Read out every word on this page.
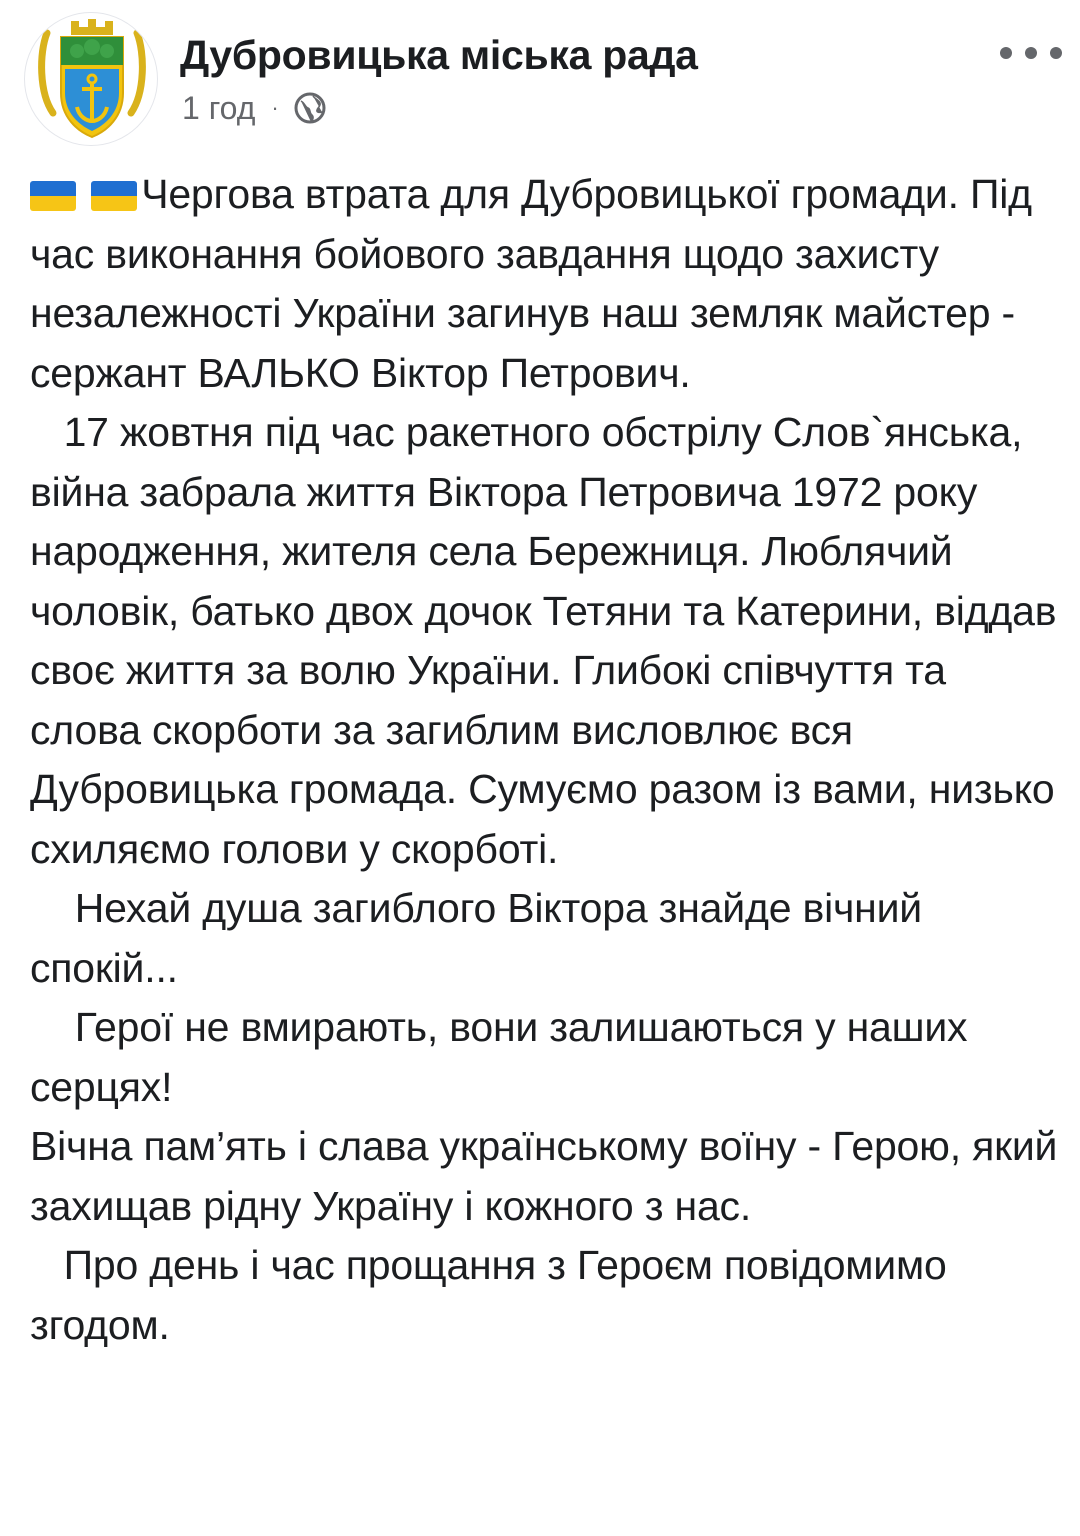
Дубровицька міська рада
1 год ·

Чергова втрата для Дубровицької громади. Під час виконання бойового завдання щодо захисту незалежності України загинув наш земляк майстер - сержант ВАЛЬКО Віктор Петрович.

17 жовтня під час ракетного обстрілу Слов`янська, війна забрала життя Віктора Петровича 1972 року народження, жителя села Бережниця. Люблячий чоловік, батько двох дочок Тетяни та Катерини, віддав своє життя за волю України. Глибокі співчуття та слова скорботи за загиблим висловлює вся Дубровицька громада. Сумуємо разом із вами, низько схиляємо голови у скорботі.

Нехай душа загиблого Віктора знайде вічний спокій...

Герої не вмирають, вони залишаються у наших серцях!

Вічна пам’ять і слава українському воїну - Герою, який захищав рідну Україну і кожного з нас.

Про день і час прощання з Героєм повідомимо згодом.
